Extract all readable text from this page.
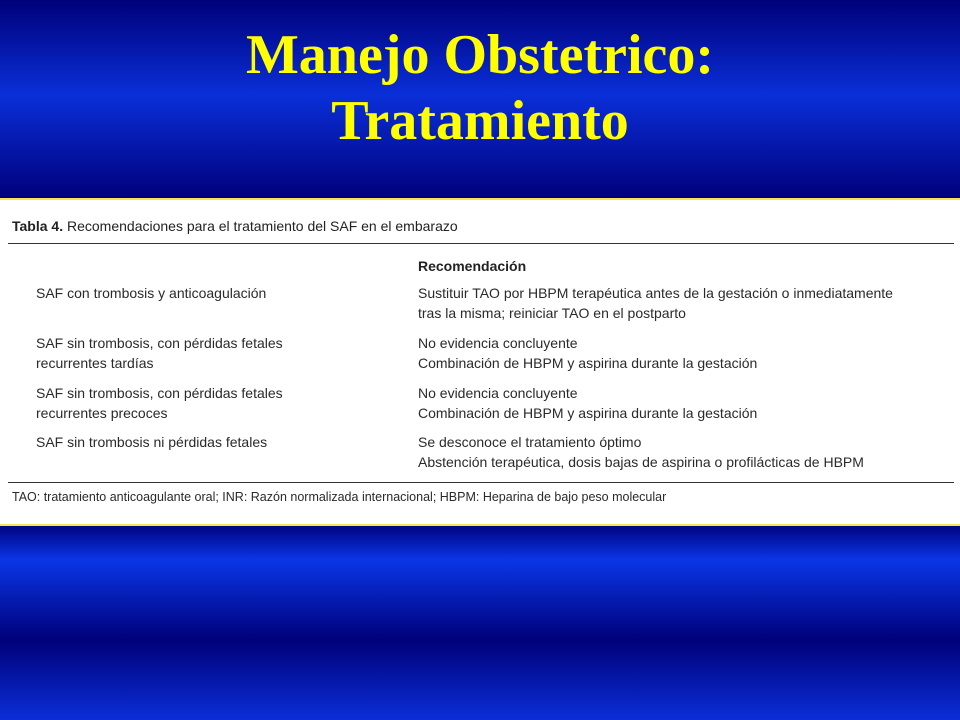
Manejo Obstetrico:
Tratamiento
Tabla 4. Recomendaciones para el tratamiento del SAF en el embarazo
Recomendación
SAF con trombosis y anticoagulación	Sustituir TAO por HBPM terapéutica antes de la gestación o inmediatamente
tras la misma; reiniciar TAO en el postparto
SAF sin trombosis, con pérdidas fetales
recurrentes tardías
No evidencia concluyente
Combinación de HBPM y aspirina durante la gestación
SAF sin trombosis, con pérdidas fetales
recurrentes precoces
No evidencia concluyente
Combinación de HBPM y aspirina durante la gestación
SAF sin trombosis ni pérdidas fetales	Se desconoce el tratamiento óptimo
Abstención terapéutica, dosis bajas de aspirina o profilácticas de HBPM
TAO: tratamiento anticoagulante oral; INR: Razón normalizada internacional; HBPM: Heparina de bajo peso molecular
